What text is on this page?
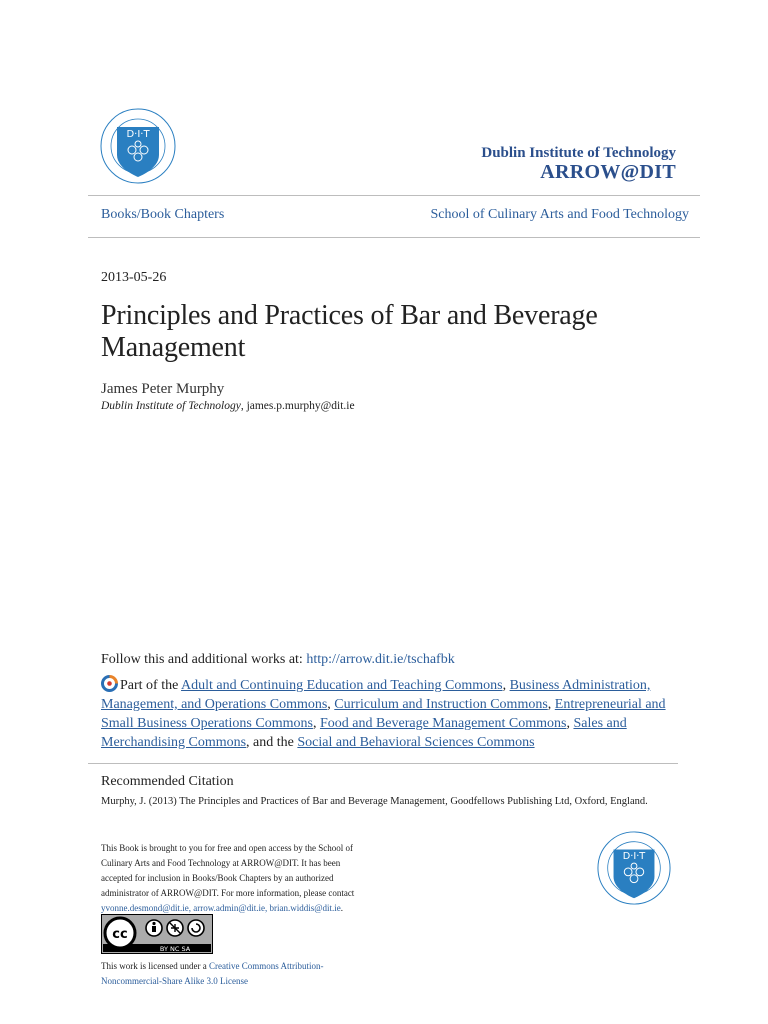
D·I·T
Dublin Institute of Technology
ARROW@DIT
Books/Book Chapters	School of Culinary Arts and Food Technology
2013-05-26
Principles and Practices of Bar and Beverage Management
James Peter Murphy
Dublin Institute of Technology, james.p.murphy@dit.ie
Follow this and additional works at: http://arrow.dit.ie/tschafbk
Part of the Adult and Continuing Education and Teaching Commons, Business Administration, Management, and Operations Commons, Curriculum and Instruction Commons, Entrepreneurial and Small Business Operations Commons, Food and Beverage Management Commons, Sales and Merchandising Commons, and the Social and Behavioral Sciences Commons
Recommended Citation
Murphy, J. (2013) The Principles and Practices of Bar and Beverage Management, Goodfellows Publishing Ltd, Oxford, England.
This Book is brought to you for free and open access by the School of Culinary Arts and Food Technology at ARROW@DIT. It has been accepted for inclusion in Books/Book Chapters by an authorized administrator of ARROW@DIT. For more information, please contact yvonne.desmond@dit.ie, arrow.admin@dit.ie, brian.widdis@dit.ie.
D·I·T
cc
BY NC SA
This work is licensed under a Creative Commons Attribution-Noncommercial-Share Alike 3.0 License
